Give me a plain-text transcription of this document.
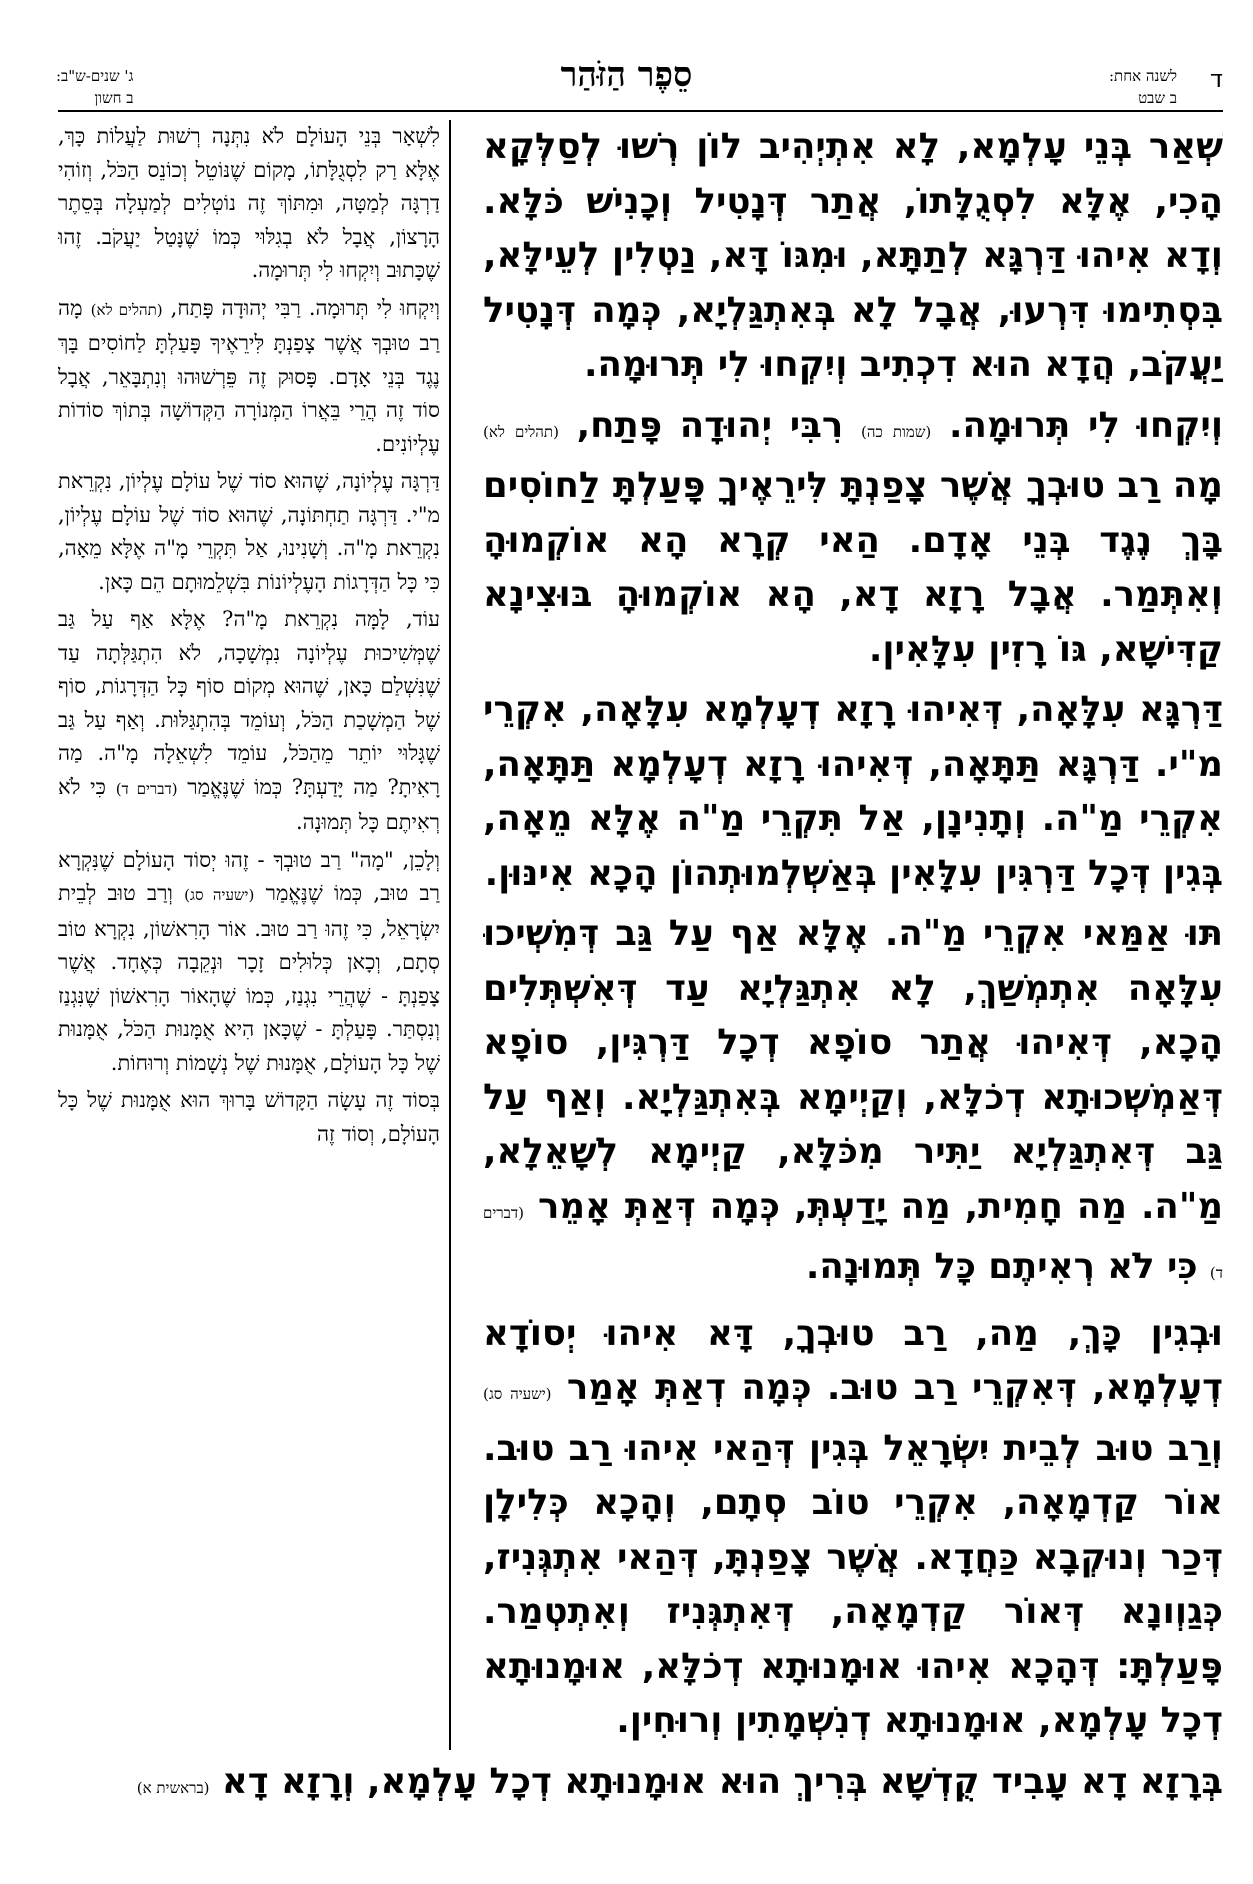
ד
לשנה אחת:
ב שבט
סֵפֶר הַזֹּהַר
ג' שנים-ש"ב:
ב חשון

שְׁאַר בְּנֵי עָלְמָא, לָא אִתְיְהִיב לוֹן רְשׁוּ לְסַלְּקָא הָכִי, אֶלָּא לִסְגֻלָּתוֹ, אֲתַר דְּנָטִיל וְכָנִישׁ כֹּלָּא. וְדָא אִיהוּ דַּרְגָּא לְתַתָּא, וּמִגּוֹ דָּא, נַטְלִין לְעֵילָּא, בִּסְתִימוּ דִּרְעוּ, אֲבָל לָא בְּאִתְגַּלְיָא, כְּמָה דְּנָטִיל יַעֲקֹב, הֲדָא הוּא דִכְתִיב וְיִקְחוּ לִי תְּרוּמָה.

וְיִקְחוּ לִי תְּרוּמָה. (שמות כה) רִבִּי יְהוּדָה פָּתַח, (תהלים לא) מָה רַב טוּבְךָ אֲשֶׁר צָפַנְתָּ לִּירֵאֶיךָ פָּעַלְתָּ לַחוֹסִים בָּךְ נֶגֶד בְּנֵי אָדָם. הַאי קְרָא הָא אוֹקְמוּהָ וְאִתְּמַר. אֲבָל רָזָא דָא, הָא אוֹקְמוּהָ בּוּצִינָא קַדִּישָׁא, גּוֹ רָזִין עִלָּאִין.

דַּרְגָּא עִלָּאָה, דְּאִיהוּ רָזָא דְעָלְמָא עִלָּאָה, אִקְרֵי מ"י. דַּרְגָּא תַּתָּאָה, דְּאִיהוּ רָזָא דְעָלְמָא תַּתָּאָה, אִקְרֵי מַ"ה. וְתָנִינָן, אַל תִּקְרֵי מַ"ה אֶלָּא מֵאָה, בְּגִין דְּכָל דַּרְגִּין עִלָּאִין בְּאַשְׁלְמוּתְהוֹן הָכָא אִינּוּן.

תּוּ אַמַּאי אִקְרֵי מַ"ה. אֶלָּא אַף עַל גַּב דְּמִשְׁיכוּ עִלָּאָה אִתְמְשַׁךְ, לָא אִתְגַּלְיָא עַד דְּאִשְׁתְּלִים הָכָא, דְּאִיהוּ אֲתַר סוֹפָא דְכָל דַּרְגִּין, סוֹפָא דְּאַמְשְׁכוּתָא דְכֹלָּא, וְקַיְימָא בְּאִתְגַּלְיָא. וְאַף עַל גַּב דְּאִתְגַּלְיָא יַתִּיר מִכֹּלָּא, קַיְימָא לְשָׁאֵלָא, מַ"ה. מַה חָמִית, מַה יָדַעְתְּ, כְּמָה דְּאַתְּ אָמֵר (דברים ד) כִּי לֹא רְאִיתֶם כָּל תְּמוּנָה.

וּבְגִין כָּךְ, מַה, רַב טוּבְךָ, דָּא אִיהוּ יְסוֹדָא דְעָלְמָא, דְּאִקְרֵי רַב טוּב. כְּמָה דְאַתְּ אָמַר (ישעיה סג) וְרַב טוּב לְבֵית יִשְׂרָאֵל בְּגִין דְּהַאי אִיהוּ רַב טוּב. אוֹר קַדְמָאָה, אִקְרֵי טוֹב סְתָם, וְהָכָא כְּלִילָן דְּכַר וְנוּקְבָא כַּחֲדָא. אֲשֶׁר צָפַנְתָּ, דְּהַאי אִתְגְּנִיז, כְּגַוְונָא דְּאוֹר קַדְמָאָה, דְּאִתְגְּנִיז וְאִתְטְמַר. פָּעַלְתָּ: דְּהָכָא אִיהוּ אוּמָנוּתָא דְכֹלָּא, אוּמָנוּתָא דְכָל עָלְמָא, אוּמָנוּתָא דְנִשְׁמָתִין וְרוּחִין.

לִשְׁאָר בְּנֵי הָעוֹלָם לֹא נִתְּנָה רְשׁוּת לַעֲלוֹת כָּךְ, אֶלָּא רַק לִסְגֻלָּתוֹ, מָקוֹם שֶׁנּוֹטֵל וְכוֹנֵס הַכֹּל, וְזוֹהִי דַרְגָּה לְמַטָּה, וּמִתּוֹךְ זֶה נוֹטְלִים לְמַעְלָה בְּסֵתֶר הָרָצוֹן, אֲבָל לֹא בְגִלּוּי כְּמוֹ שֶׁנָּטַל יַעֲקֹב. זֶהוּ שֶׁכָּתוּב וְיִקְחוּ לִי תְּרוּמָה.

וְיִקְחוּ לִי תְּרוּמָה. רַבִּי יְהוּדָה פָּתַח, (תהלים לא) מָה רַב טוּבְךָ אֲשֶׁר צָפַנְתָּ לִּירֵאֶיךָ פָּעַלְתָּ לַחוֹסִים בָּךְ נֶגֶד בְּנֵי אָדָם. פָּסוּק זֶה פֵּרְשׁוּהוּ וְנִתְבָּאֵר, אֲבָל סוֹד זֶה הֲרֵי בֵּאֲרוֹ הַמְּנוֹרָה הַקְּדוֹשָׁה בְּתוֹךְ סוֹדוֹת עֶלְיוֹנִים.

דַּרְגָּה עֶלְיוֹנָה, שֶׁהוּא סוֹד שֶׁל עוֹלָם עֶלְיוֹן, נִקְרֵאת מ"י. דַּרְגָּה תַחְתּוֹנָה, שֶׁהוּא סוֹד שֶׁל עוֹלָם עֶלְיוֹן, נִקְרֵאת מָ"ה. וְשָׁנִינוּ, אַל תִּקְרֵי מָ"ה אֶלָּא מֵאָה, כִּי כָּל הַדְּרָגוֹת הָעֶלְיוֹנוֹת בִּשְׁלֵמוּתָם הֵם כָּאן.

עוֹד, לָמָּה נִקְרֵאת מָ"ה? אֶלָּא אַף עַל גַּב שֶׁמְּשִׁיכוּת עֶלְיוֹנָה נִמְשָׁכָה, לֹא הִתְגַּלְּתָה עַד שֶׁנִּשְׁלַם כָּאן, שֶׁהוּא מְקוֹם סוֹף כָּל הַדְּרָגוֹת, סוֹף שֶׁל הַמְשָׁכַת הַכֹּל, וְעוֹמֵד בְּהִתְגַּלּוּת. וְאַף עַל גַּב שֶׁגָּלוּי יוֹתֵר מֵהַכֹּל, עוֹמֵד לִשְׁאֵלָה מָ"ה. מַה רָאִיתָ? מַה יָּדַעְתָּ? כְּמוֹ שֶׁנֶּאֱמַר (דברים ד) כִּי לֹא רְאִיתֶם כָּל תְּמוּנָה.

וְלָכֵן, "מָה" רַב טוּבְךָ - זֶהוּ יְסוֹד הָעוֹלָם שֶׁנִּקְרָא רַב טוּב, כְּמוֹ שֶׁנֶּאֱמַר (ישעיה סג) וְרַב טוּב לְבֵית יִשְׂרָאֵל, כִּי זֶהוּ רַב טוּב. אוֹר הָרִאשׁוֹן, נִקְרָא טוֹב סְתָם, וְכָאן כְּלוּלִים זָכָר וּנְקֵבָה כְּאֶחָד. אֲשֶׁר צָפַנְתָּ - שֶׁהֲרֵי נִגְנַז, כְּמוֹ שֶׁהָאוֹר הָרִאשׁוֹן שֶׁנִּגְנַז וְנִסְתַּר. פָּעַלְתָּ - שֶׁכָּאן הִיא אֻמָּנוּת הַכֹּל, אֻמָּנוּת שֶׁל כָּל הָעוֹלָם, אֻמָּנוּת שֶׁל נְשָׁמוֹת וְרוּחוֹת.

בְּסוֹד זֶה עָשָׂה הַקָּדוֹשׁ בָּרוּךְ הוּא אֻמָּנוּת שֶׁל כָּל הָעוֹלָם, וְסוֹד זֶה

בְּרָזָא דָא עָבִיד קֻדְשָׁא בְּרִיךְ הוּא אוּמָנוּתָא דְכָל עָלְמָא, וְרָזָא דָא (בראשית א)
